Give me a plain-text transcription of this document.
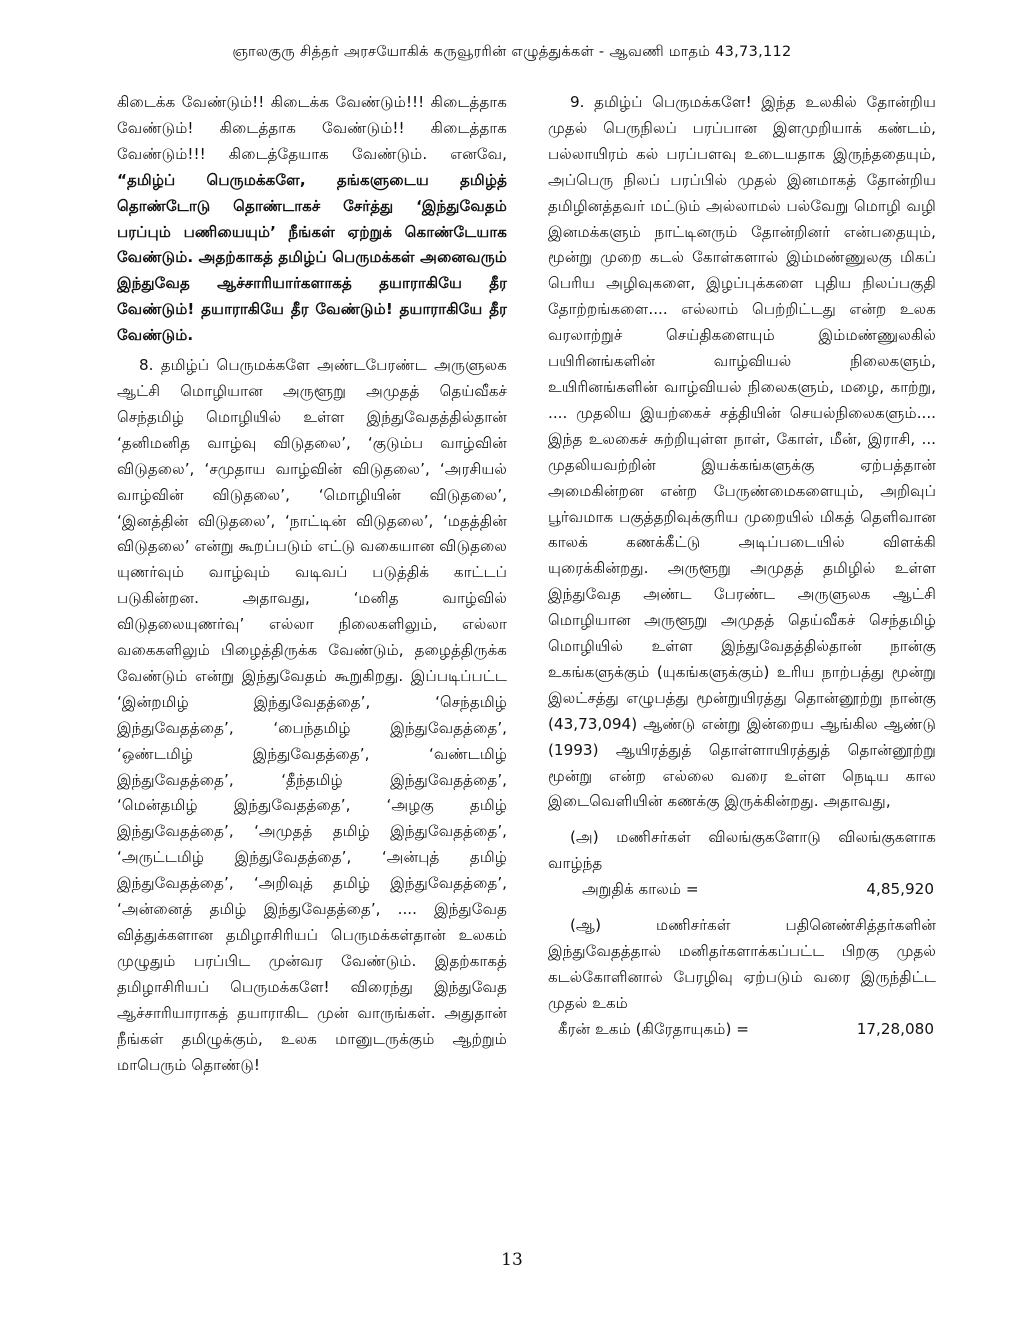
ஞாலகுரு சித்தர் அரசயோகிக் கருவூரரின் எழுத்துக்கள் - ஆவணி மாதம் 43,73,112
கிடைக்க வேண்டும்!! கிடைக்க வேண்டும்!!! கிடைத்தாக வேண்டும்! கிடைத்தாக வேண்டும்!! கிடைத்தாக வேண்டும்!!! கிடைத்தேயாக வேண்டும். எனவே, “தமிழ்ப் பெருமக்களே, தங்களுடைய தமிழ்த் தொண்டோடு தொண்டாகச் சேர்த்து ‘இந்துவேதம் பரப்பும் பணியையும்’ நீங்கள் ஏற்றுக் கொண்டேயாக வேண்டும். அதற்காகத் தமிழ்ப் பெருமக்கள் அனைவரும் இந்துவேத ஆச்சாரியார்களாகத் தயாராகியே தீர வேண்டும்! தயாராகியே தீர வேண்டும்! தயாராகியே தீர வேண்டும்.
8. தமிழ்ப் பெருமக்களே அண்டபேரண்ட அருளுலக ஆட்சி மொழியான அருளூறு அமுதத் தெய்வீகச் செந்தமிழ் மொழியில் உள்ள இந்துவேதத்தில்தான் ‘தனிமனித வாழ்வு விடுதலை’, ‘குடும்ப வாழ்வின் விடுதலை’, ‘சமுதாய வாழ்வின் விடுதலை’, ‘அரசியல் வாழ்வின் விடுதலை’, ‘மொழியின் விடுதலை’, ‘இனத்தின் விடுதலை’, ‘நாட்டின் விடுதலை’, ‘மதத்தின் விடுதலை’ என்று கூறப்படும் எட்டு வகையான விடுதலை யுணர்வும் வாழ்வும் வடிவப் படுத்திக் காட்டப் படுகின்றன. அதாவது, ‘மனித வாழ்வில் விடுதலையுணர்வு’ எல்லா நிலைகளிலும், எல்லா வகைகளிலும் பிழைத்திருக்க வேண்டும், தழைத்திருக்க வேண்டும் என்று இந்துவேதம் கூறுகிறது. இப்படிப்பட்ட ‘இன்றமிழ் இந்துவேதத்தை’, ‘செந்தமிழ் இந்துவேதத்தை’, ‘பைந்தமிழ் இந்துவேதத்தை’, ‘ஒண்டமிழ் இந்துவேதத்தை’, ‘வண்டமிழ் இந்துவேதத்தை’, ‘தீந்தமிழ் இந்துவேதத்தை’, ‘மென்தமிழ் இந்துவேதத்தை’, ‘அழகு தமிழ் இந்துவேதத்தை’, ‘அமுதத் தமிழ் இந்துவேதத்தை’, ‘அருட்டமிழ் இந்துவேதத்தை’, ‘அன்புத் தமிழ் இந்துவேதத்தை’, ‘அறிவுத் தமிழ் இந்துவேதத்தை’, ‘அன்னைத் தமிழ் இந்துவேதத்தை’, .... இந்துவேத வித்துக்களான தமிழாசிரியப் பெருமக்கள்தான் உலகம் முழுதும் பரப்பிட முன்வர வேண்டும். இதற்காகத் தமிழாசிரியப் பெருமக்களே! விரைந்து இந்துவேத ஆச்சாரியாராகத் தயாராகிட முன் வாருங்கள். அதுதான் நீங்கள் தமிழுக்கும், உலக மானுடருக்கும் ஆற்றும் மாபெரும் தொண்டு!
9. தமிழ்ப் பெருமக்களே! இந்த உலகில் தோன்றிய முதல் பெருநிலப் பரப்பான இளமுறியாக் கண்டம், பல்லாயிரம் கல் பரப்பளவு உடையதாக இருந்ததையும், அப்பெரு நிலப் பரப்பில் முதல் இனமாகத் தோன்றிய தமிழினத்தவர் மட்டும் அல்லாமல் பல்வேறு மொழி வழி இனமக்களும் நாட்டினரும் தோன்றினர் என்பதையும், மூன்று முறை கடல் கோள்களால் இம்மண்ணுலகு மிகப் பெரிய அழிவுகளை, இழப்புக்களை புதிய நிலப்பகுதி தோற்றங்களை.... எல்லாம் பெற்றிட்டது என்ற உலக வரலாற்றுச் செய்திகளையும் இம்மண்ணுலகில் பயிரினங்களின் வாழ்வியல் நிலைகளும், உயிரினங்களின் வாழ்வியல் நிலைகளும், மழை, காற்று, .... முதலிய இயற்கைச் சத்தியின் செயல்நிலைகளும்.... இந்த உலகைச் சுற்றியுள்ள நாள், கோள், மீன், இராசி, ... முதலியவற்றின் இயக்கங்களுக்கு ஏற்பத்தான் அமைகின்றன என்ற பேருண்மைகளையும், அறிவுப் பூர்வமாக பகுத்தறிவுக்குரிய முறையில் மிகத் தெளிவான காலக் கணக்கீட்டு அடிப்படையில் விளக்கி யுரைக்கின்றது. அருளூறு அமுதத் தமிழில் உள்ள இந்துவேத அண்ட பேரண்ட அருளுலக ஆட்சி மொழியான அருளூறு அமுதத் தெய்வீகச் செந்தமிழ் மொழியில் உள்ள இந்துவேதத்தில்தான் நான்கு உகங்களுக்கும் (யுகங்களுக்கும்) உரிய நாற்பத்து மூன்று இலட்சத்து எழுபத்து மூன்றுயிரத்து தொன்னூற்று நான்கு (43,73,094) ஆண்டு என்று இன்றைய ஆங்கில ஆண்டு (1993) ஆயிரத்துத் தொள்ளாயிரத்துத் தொன்னூற்று மூன்று என்ற எல்லை வரை உள்ள நெடிய கால இடைவெளியின் கணக்கு இருக்கின்றது. அதாவது,
(அ) மணிசர்கள் விலங்குகளோடு விலங்குகளாக வாழ்ந்த
அறுதிக் காலம் =	4,85,920
(ஆ) மணிசர்கள் பதினெண்சித்தர்களின் இந்துவேதத்தால் மனிதர்களாக்கப்பட்ட பிறகு முதல் கடல்கோளினால் பேரழிவு ஏற்படும் வரை இருந்திட்ட முதல் உகம்
கீரன் உகம் (கிரேதாயுகம்) =	17,28,080
13
